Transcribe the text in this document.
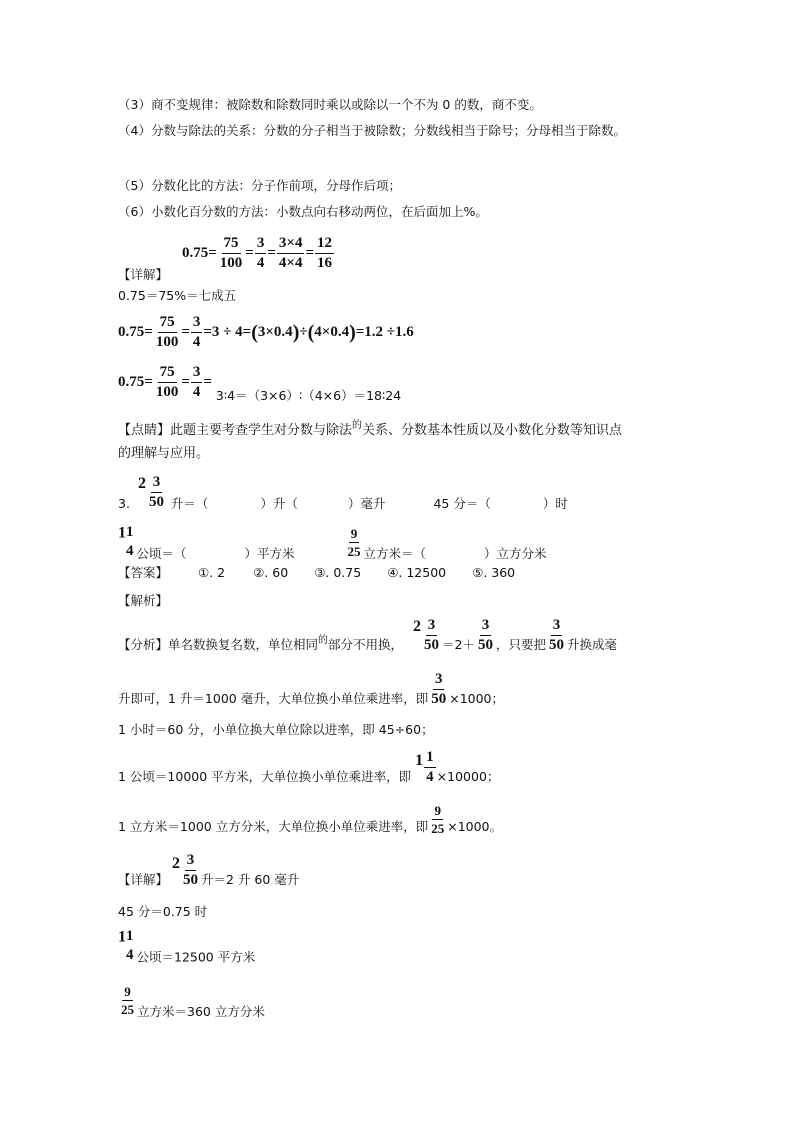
（3）商不变规律：被除数和除数同时乘以或除以一个不为 0 的数，商不变。
（4）分数与除法的关系：分数的分子相当于被除数；分数线相当于除号；分母相当于除数。
（5）分数化比的方法：分子作前项，分母作后项；
（6）小数化百分数的方法：小数点向右移动两位，在后面加上%。
【详解】  $0.75= \frac{75}{100} = \frac{3}{4} = \frac{3\times 4}{4\times 4} = \frac{12}{16}$
0.75＝75%＝七成五
$0.75= \frac{75}{100} = \frac{3}{4} =3 \div 4=(3\times 0.4)\div(4\times 0.4)=1.2 \div 1.6$
$0.75= \frac{75}{100} = \frac{3}{4}$ = 3∶4＝（3×6）∶（4×6）＝18∶24
【点睛】此题主要考查学生对分数与除法$^的$关系、分数基本性质以及小数化分数等知识点
的理解与应用。
$3.2 \frac{3}{50}$ 升＝（	）升（	）毫升	45 分＝（	）时
1 1
4 公顷＝（	）平方米	$\frac{9}{25}$ 立方米＝（	）立方分米
【答案】 ①. 2 ②. 60 ③. 0.75 ④. 12500 ⑤. 360
【解析】
【分析】单名数换复名数，单位相同$^的$部分不用换，$2 \frac{3}{50} =2+ \frac{3}{50}$ ，只要把 $\frac{3}{50}$ 升换成毫
升即可，1 升＝1000 毫升，大单位换小单位乘进率，即 $\frac{3}{50} \times 1000$；
1 小时＝60 分，小单位换大单位除以进率，即 45÷60；
1 公顷＝10000 平方米，大单位换小单位乘进率，即$1 \frac{1}{4} \times 10000$；
1 立方米＝1000 立方分米，大单位换小单位乘进率，即 $\frac{9}{25} \times 1000$。
【详解】$2 \frac{3}{50}$ 升＝2 升 60 毫升
45 分＝0.75 时
1 1
4 公顷＝12500 平方米
$\frac{9}{25}$ 立方米＝360 立方分米
